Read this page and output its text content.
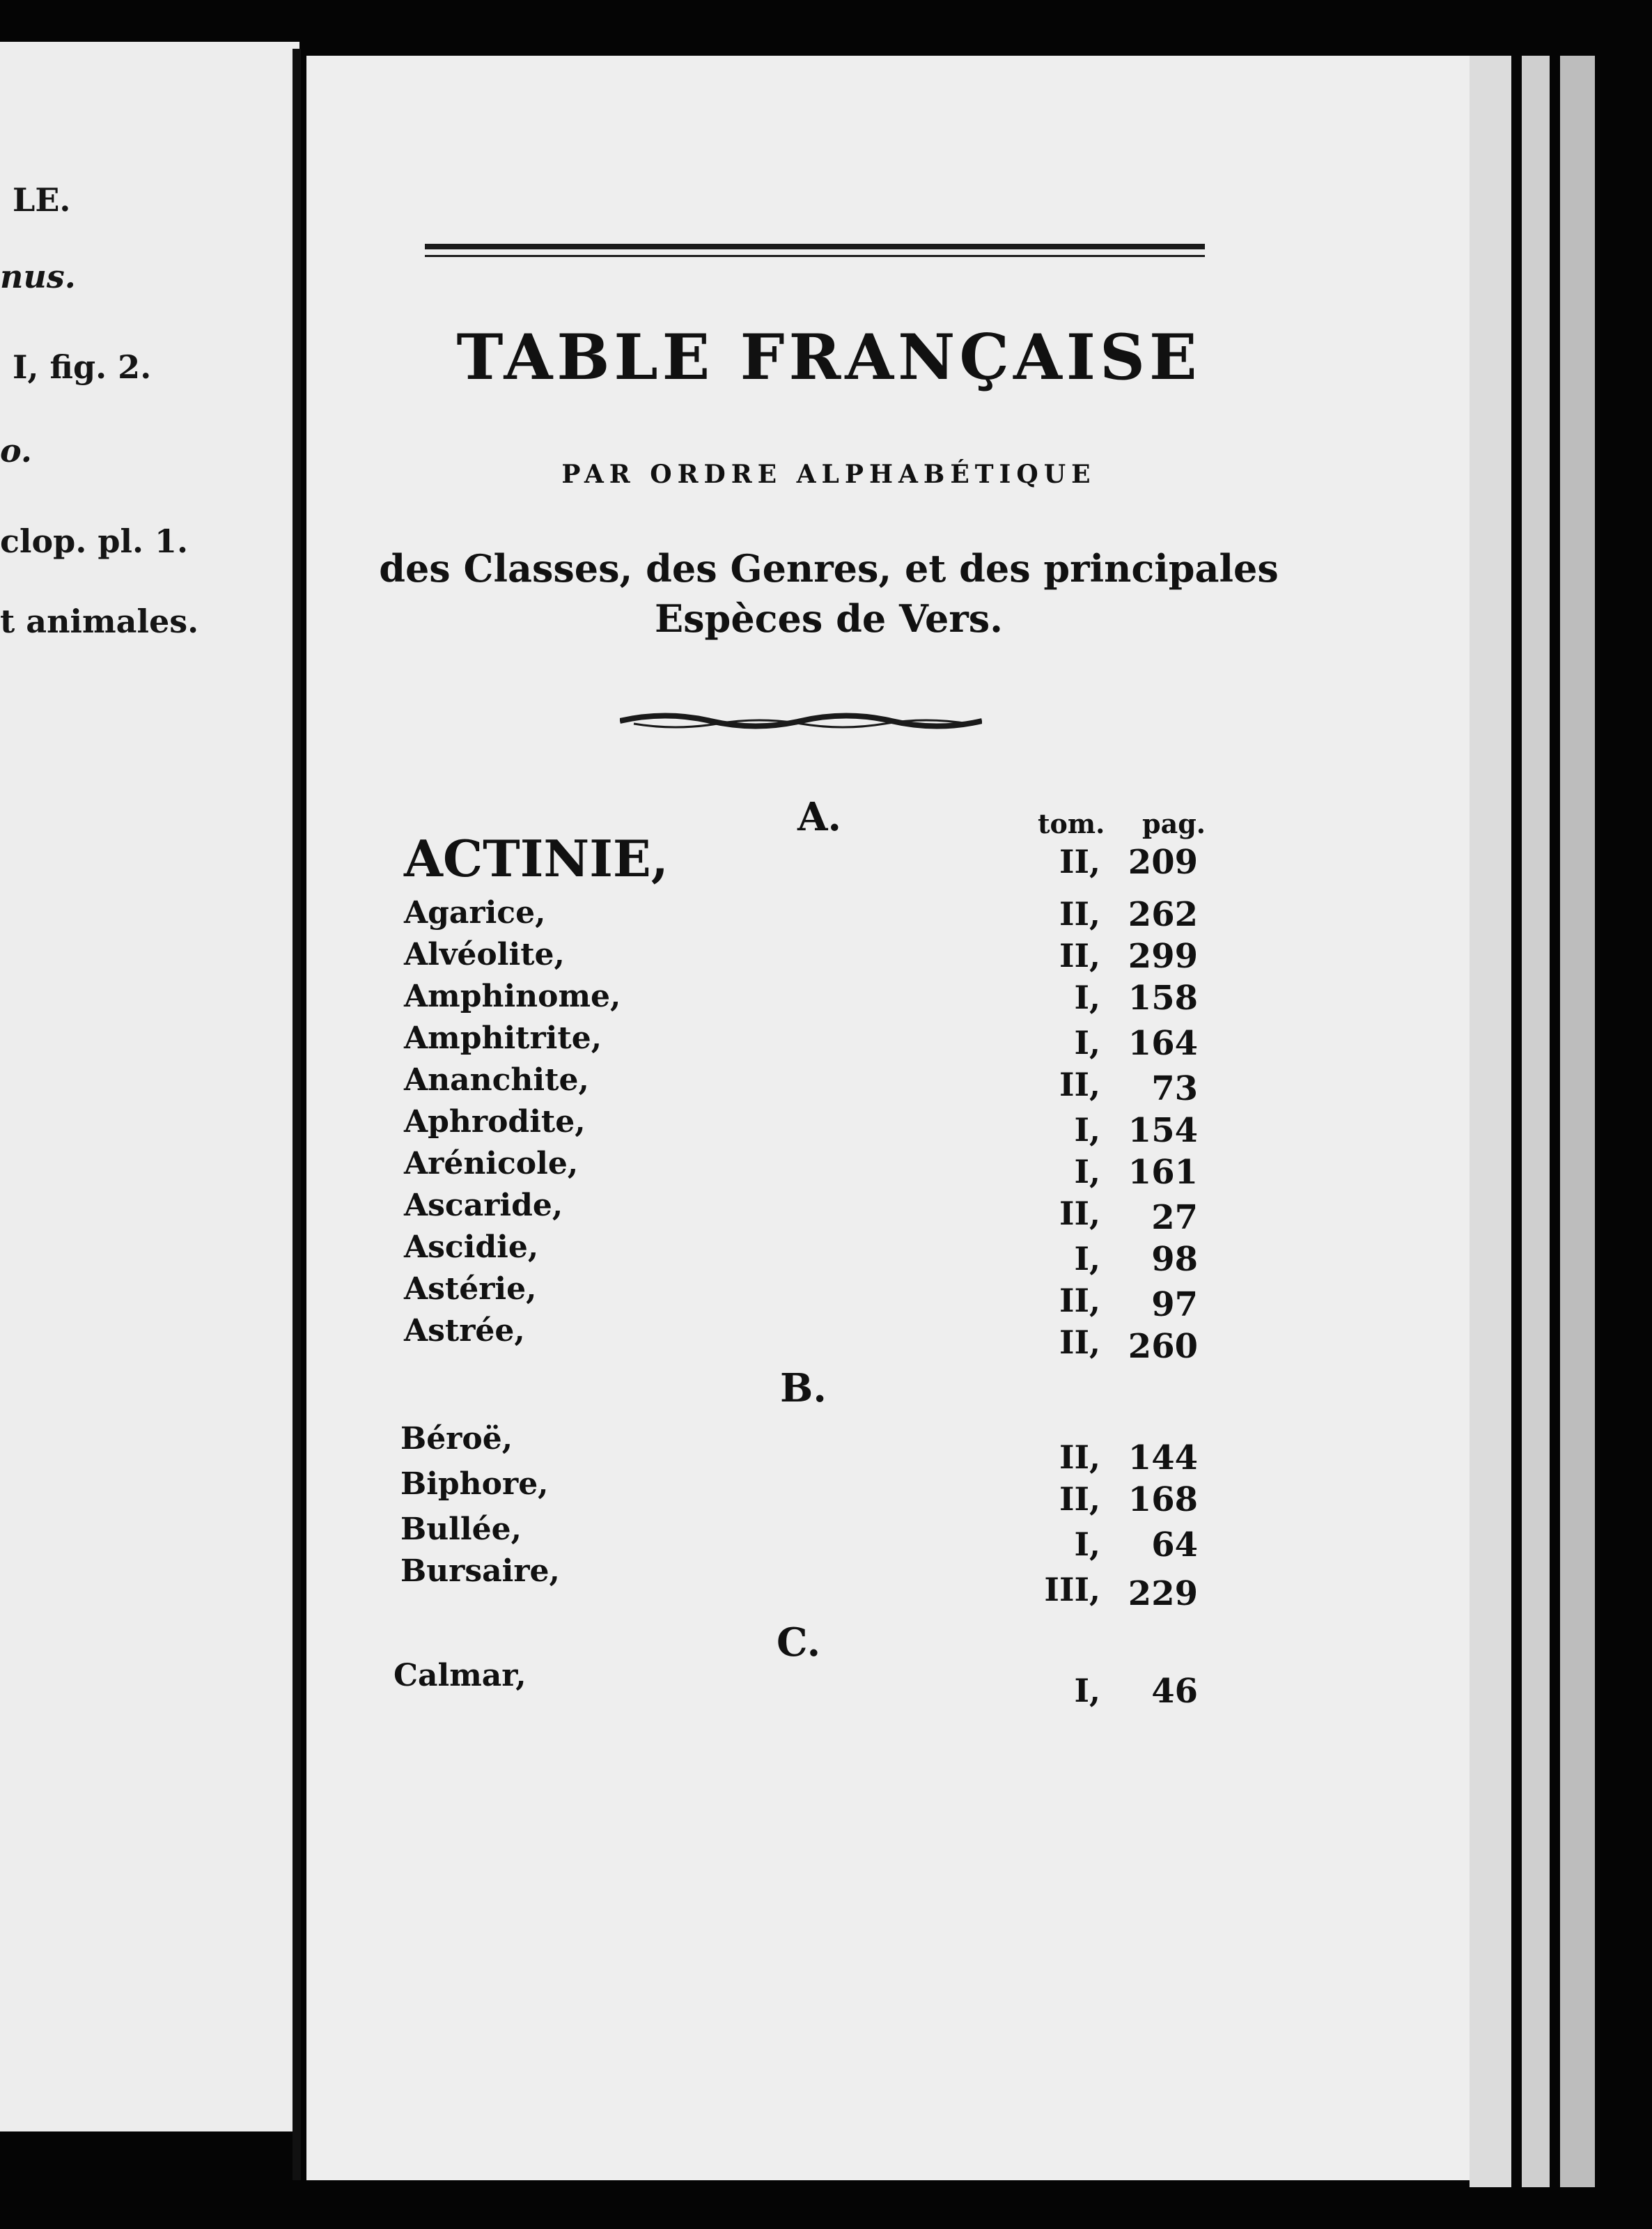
LE.
nus.
I, fig. 2.
o.
clop. pl. 1.
t animales.
TABLE FRANÇAISE
PAR ORDRE ALPHABÉTIQUE
des Classes, des Genres, et des principales
Espèces de Vers.
tom. pag.
A.
ACTINIE,	II, 209
Agarice,	II, 262
Alvéolite,	II, 299
Amphinome,	I, 158
Amphitrite,	I, 164
Ananchite,	II,	73
Aphrodite,	I, 154
Arénicole,	I, 161
Ascaride,	II,	27
Ascidie,	I,	98
Astérie,	II,	97
Astrée,	II, 260
B.
Béroë,	II, 144
Biphore,	II, 168
Bullée,	I,	64
Bursaire,	III, 229
C.
Calmar,	I,	46
